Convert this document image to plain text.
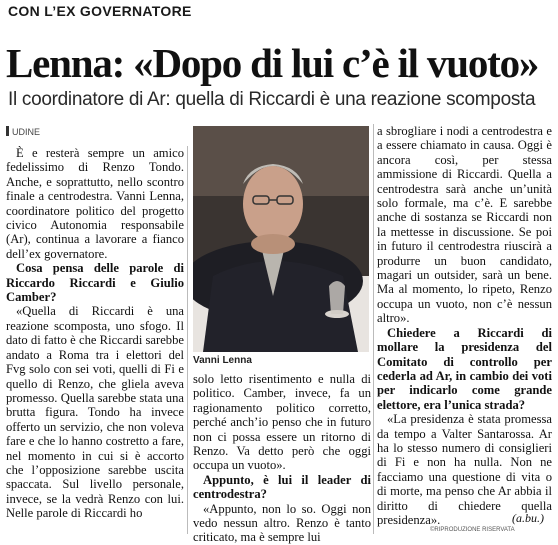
CON L’EX GOVERNATORE
Lenna: «Dopo di lui c’è il vuoto»
Il coordinatore di Ar: quella di Riccardi è una reazione scomposta
UDINE

È e resterà sempre un amico fedelissimo di Renzo Tondo. Anche, e soprattutto, nello scontro finale a centrodestra. Vanni Lenna, coordinatore politico del progetto civico Autonomia responsabile (Ar), continua a lavorare a fianco dell’ex governatore.

Cosa pensa delle parole di Riccardo Riccardi e Giulio Camber?

«Quella di Riccardi è una reazione scomposta, uno sfogo. Il dato di fatto è che Riccardi sarebbe andato a Roma tra i elettori del Fvg solo con sei voti, quelli di Fi e quello di Renzo, che gliela aveva promesso. Quella sarebbe stata una brutta figura. Tondo ha invece offerto un servizio, che non voleva fare e che lo hanno costretto a fare, nel momento in cui si è accorto che l’opposizione sarebbe uscita spaccata. Sul livello personale, invece, se la vedrà Renzo con lui. Nelle parole di Riccardi ho

Vanni Lenna

solo letto risentimento e nulla di politico. Camber, invece, fa un ragionamento politico corretto, perché anch’io penso che in futuro non ci possa essere un ritorno di Renzo. Va detto però che oggi occupa un vuoto».

Appunto, è lui il leader di centrodestra?

«Appunto, non lo so. Oggi non vedo nessun altro. Renzo è tanto criticato, ma è sempre lui

a sbrogliare i nodi a centrodestra e a essere chiamato in causa. Oggi è ancora così, per stessa ammissione di Riccardi. Quella a centrodestra sarà anche un’unità solo formale, ma c’è. E sarebbe anche di sostanza se Riccardi non la mettesse in discussione. Se poi in futuro il centrodestra riuscirà a produrre un buon candidato, magari un outsider, sarà un bene. Ma al momento, lo ripeto, Renzo occupa un vuoto, non c’è nessun altro».

Chiedere a Riccardi di mollare la presidenza del Comitato di controllo per cederla ad Ar, in cambio dei voti per indicarlo come grande elettore, era l’unica strada?

«La presidenza è stata promessa da tempo a Valter Santarossa. Ar ha lo stesso numero di consiglieri di Fi e non ha nulla. Non ne facciamo una questione di vita o di morte, ma penso che Ar abbia il diritto di chiedere quella presidenza».	(a.bu.)
©RIPRODUZIONE RISERVATA
